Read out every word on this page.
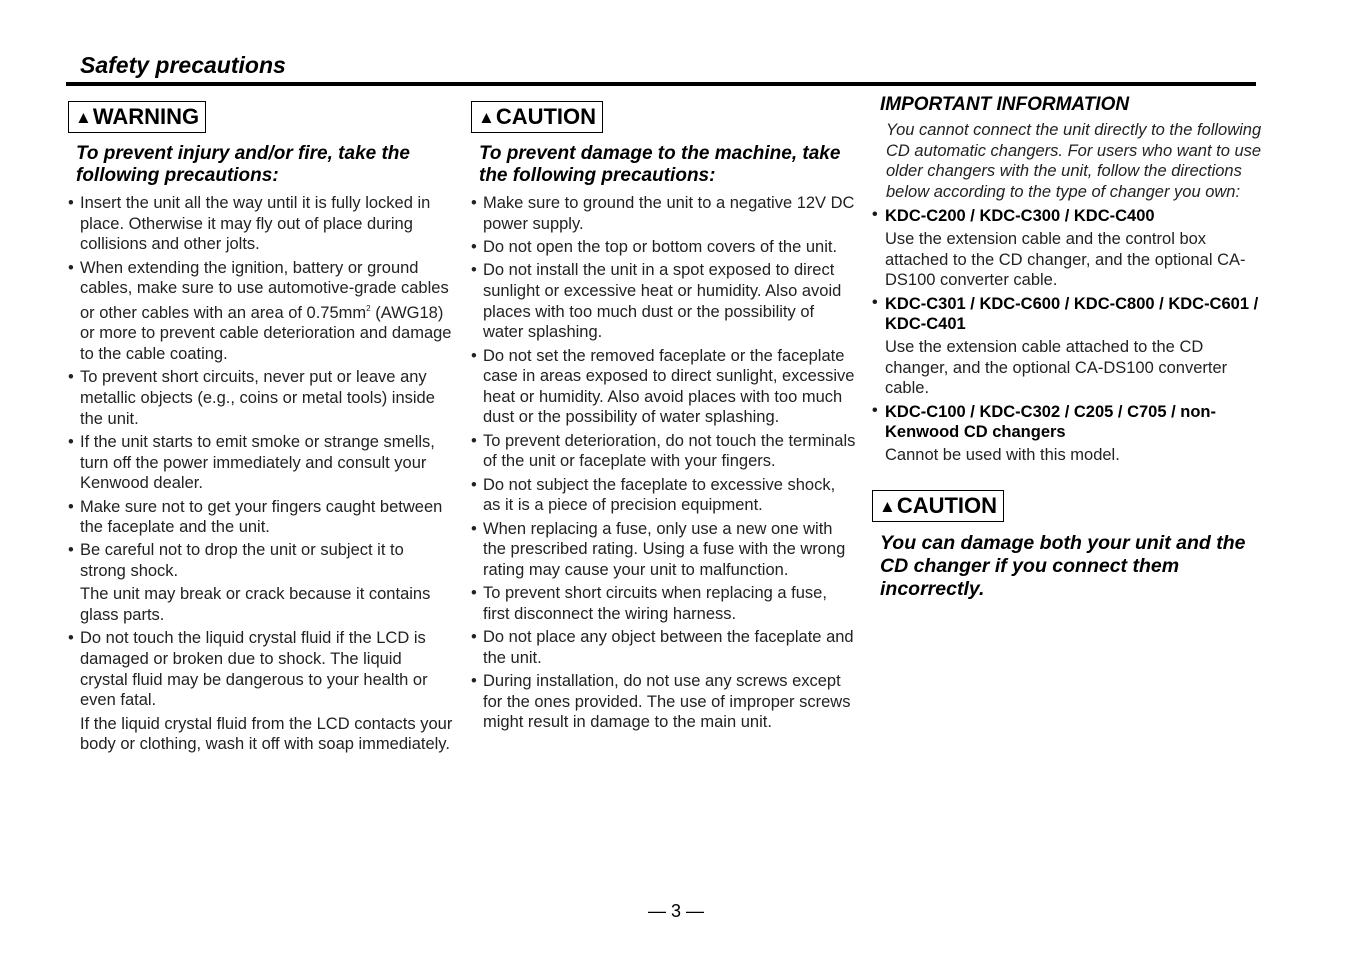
Safety precautions
▲WARNING
To prevent injury and/or fire, take the following precautions:
• Insert the unit all the way until it is fully locked in place. Otherwise it may fly out of place during collisions and other jolts.
• When extending the ignition, battery or ground cables, make sure to use automotive-grade cables or other cables with an area of $0.75mm^2$ (AWG18) or more to prevent cable deterioration and damage to the cable coating.
• To prevent short circuits, never put or leave any metallic objects (e.g., coins or metal tools) inside the unit.
• If the unit starts to emit smoke or strange smells, turn off the power immediately and consult your Kenwood dealer.
• Make sure not to get your fingers caught between the faceplate and the unit.
• Be careful not to drop the unit or subject it to strong shock.
The unit may break or crack because it contains glass parts.
• Do not touch the liquid crystal fluid if the LCD is damaged or broken due to shock. The liquid crystal fluid may be dangerous to your health or even fatal.
If the liquid crystal fluid from the LCD contacts your body or clothing, wash it off with soap immediately.
▲CAUTION
To prevent damage to the machine, take the following precautions:
• Make sure to ground the unit to a negative 12V DC power supply.
• Do not open the top or bottom covers of the unit.
• Do not install the unit in a spot exposed to direct sunlight or excessive heat or humidity. Also avoid places with too much dust or the possibility of water splashing.
• Do not set the removed faceplate or the faceplate case in areas exposed to direct sunlight, excessive heat or humidity. Also avoid places with too much dust or the possibility of water splashing.
• To prevent deterioration, do not touch the terminals of the unit or faceplate with your fingers.
• Do not subject the faceplate to excessive shock, as it is a piece of precision equipment.
• When replacing a fuse, only use a new one with the prescribed rating. Using a fuse with the wrong rating may cause your unit to malfunction.
• To prevent short circuits when replacing a fuse, first disconnect the wiring harness.
• Do not place any object between the faceplate and the unit.
• During installation, do not use any screws except for the ones provided. The use of improper screws might result in damage to the main unit.
IMPORTANT INFORMATION
You cannot connect the unit directly to the following CD automatic changers. For users who want to use older changers with the unit, follow the directions below according to the type of changer you own:
• KDC-C200 / KDC-C300 / KDC-C400
Use the extension cable and the control box attached to the CD changer, and the optional CA-DS100 converter cable.
• KDC-C301 / KDC-C600 / KDC-C800 / KDC-C601 / KDC-C401
Use the extension cable attached to the CD changer, and the optional CA-DS100 converter cable.
• KDC-C100 / KDC-C302 / C205 / C705 / non-Kenwood CD changers
Cannot be used with this model.
▲CAUTION
You can damage both your unit and the CD changer if you connect them incorrectly.
— 3 —
